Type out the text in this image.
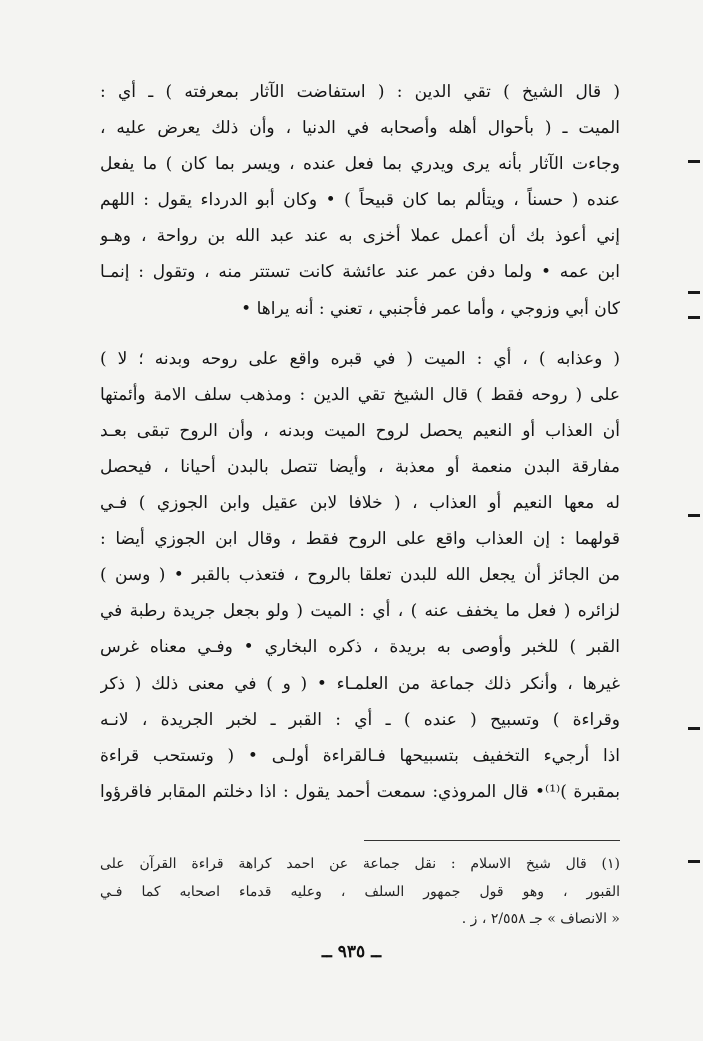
( قال الشيخ ) تقي الدين : ( استفاضت الآثار بمعرفته ) ـ أي :
الميت ـ ( بأحوال أهله وأصحابه في الدنيا ، وأن ذلك يعرض عليه ،
وجاءت الآثار بأنه يرى ويدري بما فعل عنده ، ويسر بما كان ) ما يفعل
عنده ( حسناً ، ويتألم بما كان قبيحاً ) • وكان أبو الدرداء يقول : اللهم
إني أعوذ بك أن أعمل عملا أخزى به عند عبد الله بن رواحة ، وهـو
ابن عمه • ولما دفن عمر عند عائشة كانت تستتر منه ، وتقول : إنمـا
كان أبي وزوجي ، وأما عمر فأجنبي ، تعني : أنه يراها •
( وعذابه ) ، أي : الميت ( في قبره واقع على روحه وبدنه ؛ لا )
على ( روحه فقط ) قال الشيخ تقي الدين : ومذهب سلف الامة وأئمتها
أن العذاب أو النعيم يحصل لروح الميت وبدنه ، وأن الروح تبقى بعـد
مفارقة البدن منعمة أو معذبة ، وأيضا تتصل بالبدن أحيانا ، فيحصل
له معها النعيم أو العذاب ، ( خلافا لابن عقيل وابن الجوزي ) فـي
قولهما : إن العذاب واقع على الروح فقط ، وقال ابن الجوزي أيضا :
من الجائز أن يجعل الله للبدن تعلقا بالروح ، فتعذب بالقبر • ( وسن )
لزائره ( فعل ما يخفف عنه ) ، أي : الميت ( ولو بجعل جريدة رطبة في
القبر ) للخبر وأوصى به بريدة ، ذكره البخاري • وفـي معناه غرس
غيرها ، وأنكر ذلك جماعة من العلمـاء • ( و ) في معنى ذلك ( ذكر
وقراءة ) وتسبيح ( عنده ) ـ أي : القبر ـ لخبر الجريدة ، لانـه
اذا أرجيء التخفيف بتسبيحها فـالقراءة أولـى • ( وتستحب قراءة
بمقبرة )⁽¹⁾• قال المروذي: سمعت أحمد يقول : اذا دخلتم المقابر فاقرؤوا
(١) قال شيخ الاسلام : نقل جماعة عن احمد كراهة قراءة القرآن على
القبور ، وهو قول جمهور السلف ، وعليه قدماء اصحابه كما فـي
« الانصاف » جـ ٢/٥٥٨ ، ز .
ــ ٩٣٥ ــ
